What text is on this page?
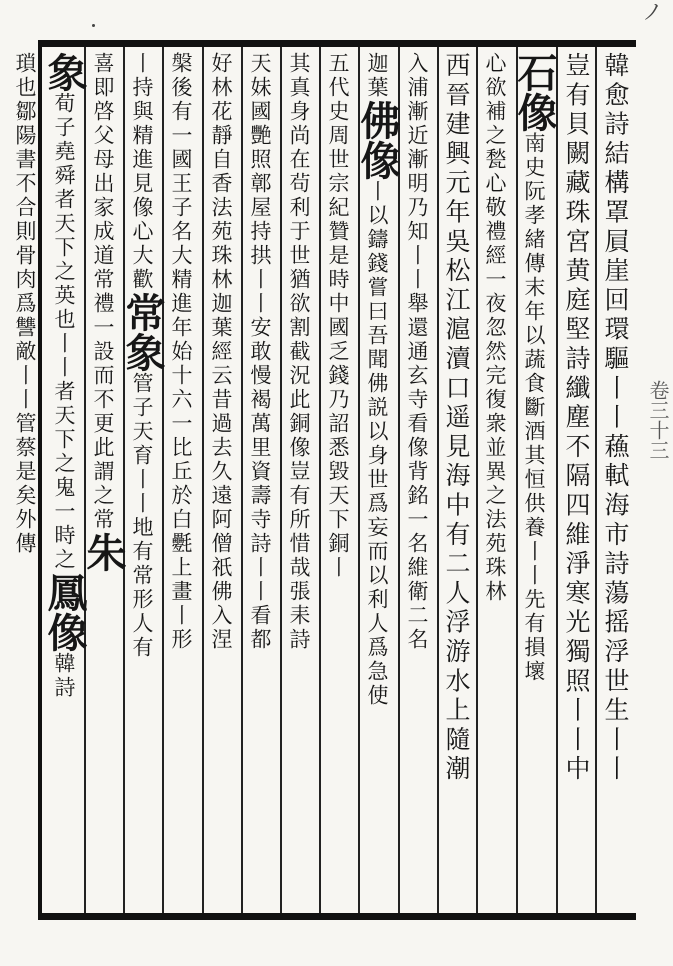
ノ
韓愈詩結構罩屓崖回環驅丨丨蘓軾海市詩蕩摇浮世生丨丨
豈有貝闕藏珠宮黄庭堅詩纖塵不隔四維淨寒光獨照丨丨中
石像南史阮孝緒傳末年以蔬食斷酒其恒供養丨丨先有損壞
心欲補之甃心敬禮經一夜忽然完復衆並異之法苑珠林
西晉建興元年吳松江滬瀆口遥見海中有二人浮游水上隨潮
入浦漸近漸明乃知丨丨舉還通玄寺看像背銘一名維衛二名
迦葉佛像丨以鑄錢嘗曰吾聞佛説以身世爲妄而以利人爲急使
五代史周世宗紀贊是時中國乏錢乃詔悉毀天下銅丨
其真身尚在茍利于世猶欲割截況此銅像豈有所惜哉張耒詩
天妹國艷照鄣屋持拱丨丨安敢慢褐萬里資壽寺詩丨丨看都
好林花靜自香法苑珠林迦葉經云昔過去久遠阿僧祇佛入涅
槃後有一國王子名大精進年始十六一比丘於白氎上畫丨形
丨持與精進見像心大歡常象管子天育丨丨地有常形人有
喜即啓父母出家成道常禮一設而不更此謂之常朱
象荀子堯舜者天下之英也丨丨者天下之鬼一時之鳳像韓詩
瑣也鄒陽書不合則骨肉爲讐敵丨丨管蔡是矣外傳
卷三十三
